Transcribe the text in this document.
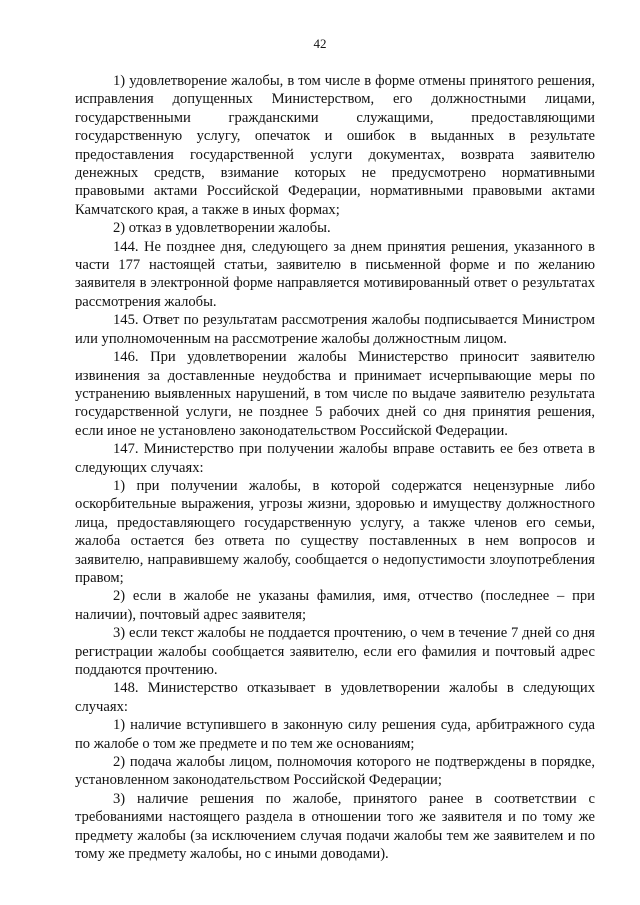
42

1) удовлетворение жалобы, в том числе в форме отмены принятого решения, исправления допущенных Министерством, его должностными лицами, государственными гражданскими служащими, предоставляющими государственную услугу, опечаток и ошибок в выданных в результате предоставления государственной услуги документах, возврата заявителю денежных средств, взимание которых не предусмотрено нормативными правовыми актами Российской Федерации, нормативными правовыми актами Камчатского края, а также в иных формах;

2) отказ в удовлетворении жалобы.

144. Не позднее дня, следующего за днем принятия решения, указанного в части 177 настоящей статьи, заявителю в письменной форме и по желанию заявителя в электронной форме направляется мотивированный ответ о результатах рассмотрения жалобы.

145. Ответ по результатам рассмотрения жалобы подписывается Министром или уполномоченным на рассмотрение жалобы должностным лицом.

146. При удовлетворении жалобы Министерство приносит заявителю извинения за доставленные неудобства и принимает исчерпывающие меры по устранению выявленных нарушений, в том числе по выдаче заявителю результата государственной услуги, не позднее 5 рабочих дней со дня принятия решения, если иное не установлено законодательством Российской Федерации.

147. Министерство при получении жалобы вправе оставить ее без ответа в следующих случаях:

1) при получении жалобы, в которой содержатся нецензурные либо оскорбительные выражения, угрозы жизни, здоровью и имуществу должностного лица, предоставляющего государственную услугу, а также членов его семьи, жалоба остается без ответа по существу поставленных в нем вопросов и заявителю, направившему жалобу, сообщается о недопустимости злоупотребления правом;

2) если в жалобе не указаны фамилия, имя, отчество (последнее – при наличии), почтовый адрес заявителя;

3) если текст жалобы не поддается прочтению, о чем в течение 7 дней со дня регистрации жалобы сообщается заявителю, если его фамилия и почтовый адрес поддаются прочтению.

148. Министерство отказывает в удовлетворении жалобы в следующих случаях:

1) наличие вступившего в законную силу решения суда, арбитражного суда по жалобе о том же предмете и по тем же основаниям;

2) подача жалобы лицом, полномочия которого не подтверждены в порядке, установленном законодательством Российской Федерации;

3) наличие решения по жалобе, принятого ранее в соответствии с требованиями настоящего раздела в отношении того же заявителя и по тому же предмету жалобы (за исключением случая подачи жалобы тем же заявителем и по тому же предмету жалобы, но с иными доводами).
